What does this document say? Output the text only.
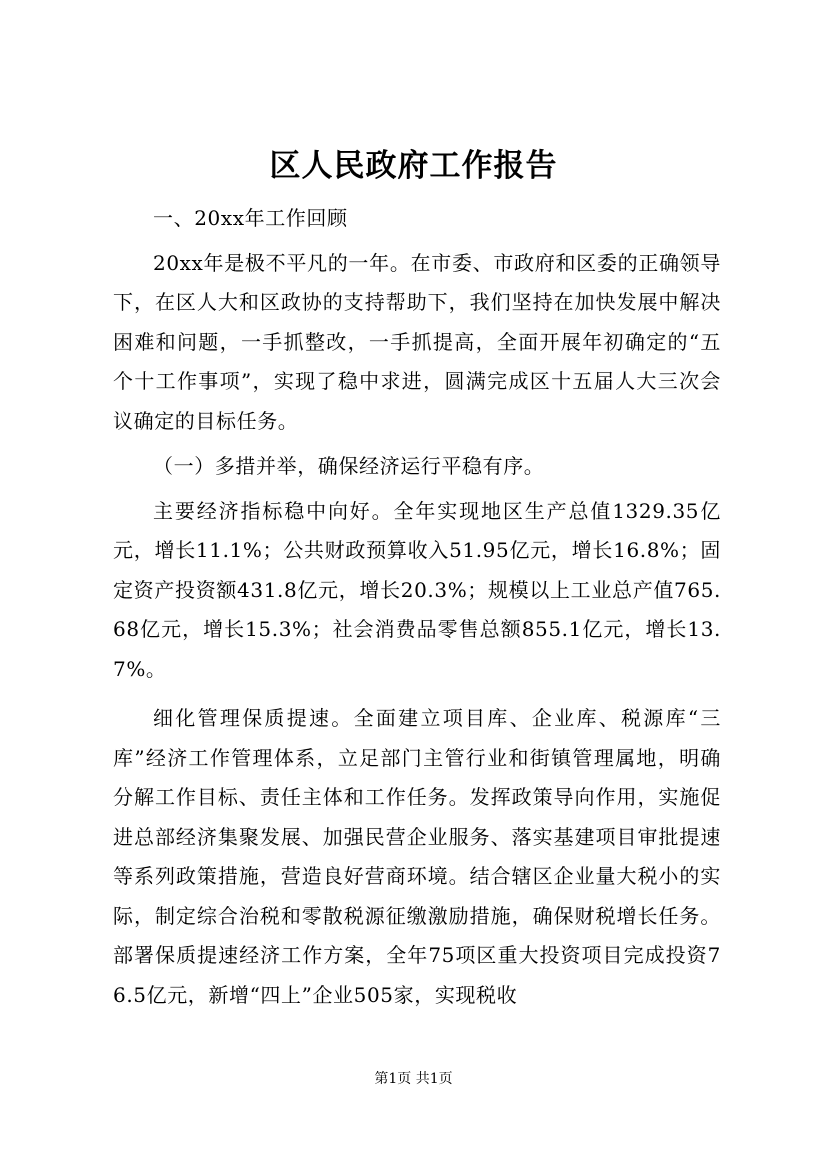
区人民政府工作报告

一、20xx年工作回顾

20xx年是极不平凡的一年。在市委、市政府和区委的正确领导下，在区人大和区政协的支持帮助下，我们坚持在加快发展中解决困难和问题，一手抓整改，一手抓提高，全面开展年初确定的“五个十工作事项”，实现了稳中求进，圆满完成区十五届人大三次会议确定的目标任务。

（一）多措并举，确保经济运行平稳有序。

主要经济指标稳中向好。全年实现地区生产总值1329.35亿元，增长11.1%；公共财政预算收入51.95亿元，增长16.8%；固定资产投资额431.8亿元，增长20.3%；规模以上工业总产值765.68亿元，增长15.3%；社会消费品零售总额855.1亿元，增长13.7%。

细化管理保质提速。全面建立项目库、企业库、税源库“三库”经济工作管理体系，立足部门主管行业和街镇管理属地，明确分解工作目标、责任主体和工作任务。发挥政策导向作用，实施促进总部经济集聚发展、加强民营企业服务、落实基建项目审批提速等系列政策措施，营造良好营商环境。结合辖区企业量大税小的实际，制定综合治税和零散税源征缴激励措施，确保财税增长任务。部署保质提速经济工作方案，全年75项区重大投资项目完成投资76.5亿元，新增“四上”企业505家，实现税收

第1页 共1页
